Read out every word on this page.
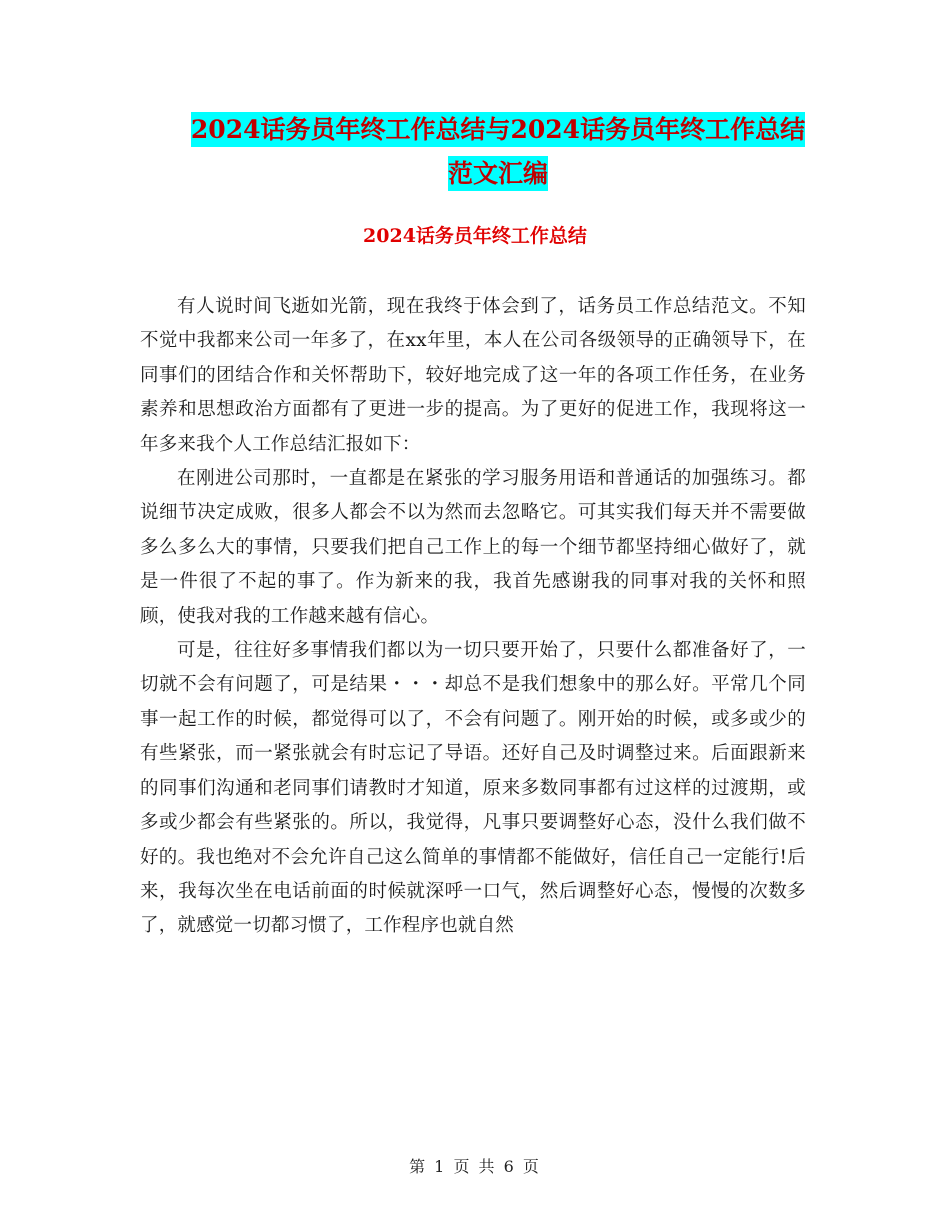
2024话务员年终工作总结与2024话务员年终工作总结
范文汇编
2024话务员年终工作总结

有人说时间飞逝如光箭，现在我终于体会到了，话务员工作总结范文。不知不觉中我都来公司一年多了，在xx年里，本人在公司各级领导的正确领导下，在同事们的团结合作和关怀帮助下，较好地完成了这一年的各项工作任务，在业务素养和思想政治方面都有了更进一步的提高。为了更好的促进工作，我现将这一年多来我个人工作总结汇报如下：

在刚进公司那时，一直都是在紧张的学习服务用语和普通话的加强练习。都说细节决定成败，很多人都会不以为然而去忽略它。可其实我们每天并不需要做多么多么大的事情，只要我们把自己工作上的每一个细节都坚持细心做好了，就是一件很了不起的事了。作为新来的我，我首先感谢我的同事对我的关怀和照顾，使我对我的工作越来越有信心。

可是，往往好多事情我们都以为一切只要开始了，只要什么都准备好了，一切就不会有问题了，可是结果・・・却总不是我们想象中的那么好。平常几个同事一起工作的时候，都觉得可以了，不会有问题了。刚开始的时候，或多或少的有些紧张，而一紧张就会有时忘记了导语。还好自己及时调整过来。后面跟新来的同事们沟通和老同事们请教时才知道，原来多数同事都有过这样的过渡期，或多或少都会有些紧张的。所以，我觉得，凡事只要调整好心态，没什么我们做不好的。我也绝对不会允许自己这么简单的事情都不能做好，信任自己一定能行!后来，我每次坐在电话前面的时候就深呼一口气，然后调整好心态，慢慢的次数多了，就感觉一切都习惯了，工作程序也就自然

第 1 页 共 6 页
